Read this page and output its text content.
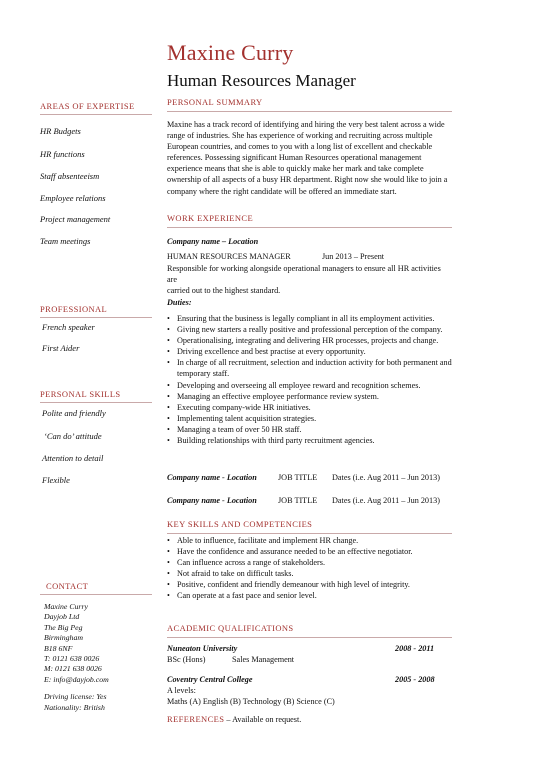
Maxine Curry
Human Resources Manager
AREAS OF EXPERTISE
HR Budgets
HR functions
Staff absenteeism
Employee relations
Project management
Team meetings
PROFESSIONAL
French speaker
First Aider
PERSONAL SKILLS
Polite and friendly
‘Can do’ attitude
Attention to detail
Flexible
CONTACT
Maxine Curry
Dayjob Ltd
The Big Peg
Birmingham
B18 6NF
T: 0121 638 0026
M: 0121 638 0026
E: info@dayjob.com
Driving license: Yes
Nationality: British
PERSONAL SUMMARY
Maxine has a track record of identifying and hiring the very best talent across a wide
range of industries. She has experience of working and recruiting across multiple
European countries, and comes to you with a long list of excellent and checkable
references. Possessing significant Human Resources operational management
experience means that she is able to quickly make her mark and take complete
ownership of all aspects of a busy HR department. Right now she would like to join a
company where the right candidate will be offered an immediate start.
WORK EXPERIENCE
Company name – Location
HUMAN RESOURCES MANAGER	Jun 2013 – Present
Responsible for working alongside operational managers to ensure all HR activities are
carried out to the highest standard.
Duties:
• Ensuring that the business is legally compliant in all its employment activities.
• Giving new starters a really positive and professional perception of the company.
• Operationalising, integrating and delivering HR processes, projects and change.
• Driving excellence and best practise at every opportunity.
• In charge of all recruitment, selection and induction activity for both permanent and temporary staff.
• Developing and overseeing all employee reward and recognition schemes.
• Managing an effective employee performance review system.
• Executing company-wide HR initiatives.
• Implementing talent acquisition strategies.
• Managing a team of over 50 HR staff.
• Building relationships with third party recruitment agencies.
Company name - Location	JOB TITLE Dates (i.e. Aug 2011 – Jun 2013)
Company name - Location	JOB TITLE Dates (i.e. Aug 2011 – Jun 2013)
KEY SKILLS AND COMPETENCIES
• Able to influence, facilitate and implement HR change.
• Have the confidence and assurance needed to be an effective negotiator.
• Can influence across a range of stakeholders.
• Not afraid to take on difficult tasks.
• Positive, confident and friendly demeanour with high level of integrity.
• Can operate at a fast pace and senior level.
ACADEMIC QUALIFICATIONS
Nuneaton University	2008 - 2011
BSc (Hons)	Sales Management
Coventry Central College	2005 - 2008
A levels:
Maths (A) English (B) Technology (B) Science (C)
REFERENCES – Available on request.
